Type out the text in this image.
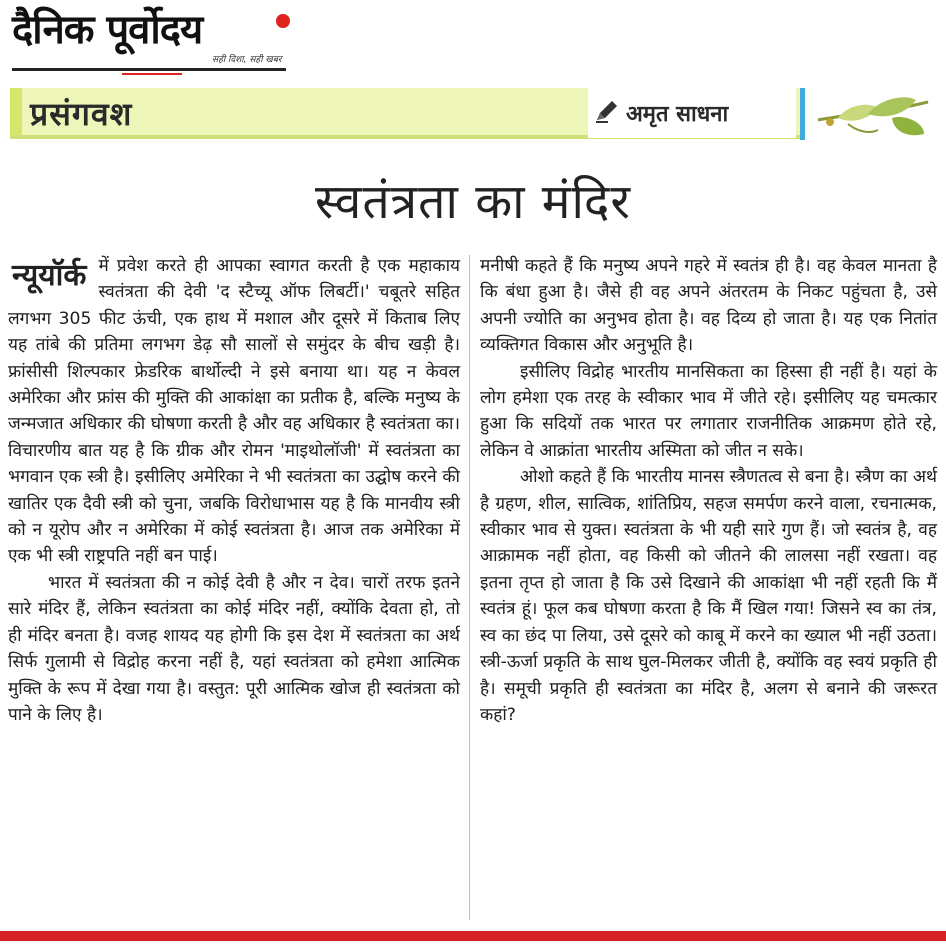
दैनिक पूर्वोदय
सही दिशा, सही खबर
प्रसंगवश	अमृत साधना
स्वतंत्रता का मंदिर

न्यूयॉर्क में प्रवेश करते ही आपका स्वागत करती है एक महाकाय स्वतंत्रता की देवी 'द स्टैच्यू ऑफ लिबर्टी।' चबूतरे सहित लगभग 305 फीट ऊंची, एक हाथ में मशाल और दूसरे में किताब लिए यह तांबे की प्रतिमा लगभग डेढ़ सौ सालों से समुंदर के बीच खड़ी है। फ्रांसीसी शिल्पकार फ्रेडरिक बार्थोल्दी ने इसे बनाया था। यह न केवल अमेरिका और फ्रांस की मुक्ति की आकांक्षा का प्रतीक है, बल्कि मनुष्य के जन्मजात अधिकार की घोषणा करती है और वह अधिकार है स्वतंत्रता का। विचारणीय बात यह है कि ग्रीक और रोमन 'माइथोलॉजी' में स्वतंत्रता का भगवान एक स्त्री है। इसीलिए अमेरिका ने भी स्वतंत्रता का उद्घोष करने की खातिर एक दैवी स्त्री को चुना, जबकि विरोधाभास यह है कि मानवीय स्त्री को न यूरोप और न अमेरिका में कोई स्वतंत्रता है। आज तक अमेरिका में एक भी स्त्री राष्ट्रपति नहीं बन पाई।

भारत में स्वतंत्रता की न कोई देवी है और न देव। चारों तरफ इतने सारे मंदिर हैं, लेकिन स्वतंत्रता का कोई मंदिर नहीं, क्योंकि देवता हो, तो ही मंदिर बनता है। वजह शायद यह होगी कि इस देश में स्वतंत्रता का अर्थ सिर्फ गुलामी से विद्रोह करना नहीं है, यहां स्वतंत्रता को हमेशा आत्मिक मुक्ति के रूप में देखा गया है। वस्तुत: पूरी आत्मिक खोज ही स्वतंत्रता को पाने के लिए है।

मनीषी कहते हैं कि मनुष्य अपने गहरे में स्वतंत्र ही है। वह केवल मानता है कि बंधा हुआ है। जैसे ही वह अपने अंतरतम के निकट पहुंचता है, उसे अपनी ज्योति का अनुभव होता है। वह दिव्य हो जाता है। यह एक नितांत व्यक्तिगत विकास और अनुभूति है।

इसीलिए विद्रोह भारतीय मानसिकता का हिस्सा ही नहीं है। यहां के लोग हमेशा एक तरह के स्वीकार भाव में जीते रहे। इसीलिए यह चमत्कार हुआ कि सदियों तक भारत पर लगातार राजनीतिक आक्रमण होते रहे, लेकिन वे आक्रांता भारतीय अस्मिता को जीत न सके।

ओशो कहते हैं कि भारतीय मानस स्त्रैणतत्व से बना है। स्त्रैण का अर्थ है ग्रहण, शील, सात्विक, शांतिप्रिय, सहज समर्पण करने वाला, रचनात्मक, स्वीकार भाव से युक्त। स्वतंत्रता के भी यही सारे गुण हैं। जो स्वतंत्र है, वह आक्रामक नहीं होता, वह किसी को जीतने की लालसा नहीं रखता। वह इतना तृप्त हो जाता है कि उसे दिखाने की आकांक्षा भी नहीं रहती कि मैं स्वतंत्र हूं। फूल कब घोषणा करता है कि मैं खिल गया! जिसने स्व का तंत्र, स्व का छंद पा लिया, उसे दूसरे को काबू में करने का ख्याल भी नहीं उठता। स्त्री-ऊर्जा प्रकृति के साथ घुल-मिलकर जीती है, क्योंकि वह स्वयं प्रकृति ही है। समूची प्रकृति ही स्वतंत्रता का मंदिर है, अलग से बनाने की जरूरत कहां?
